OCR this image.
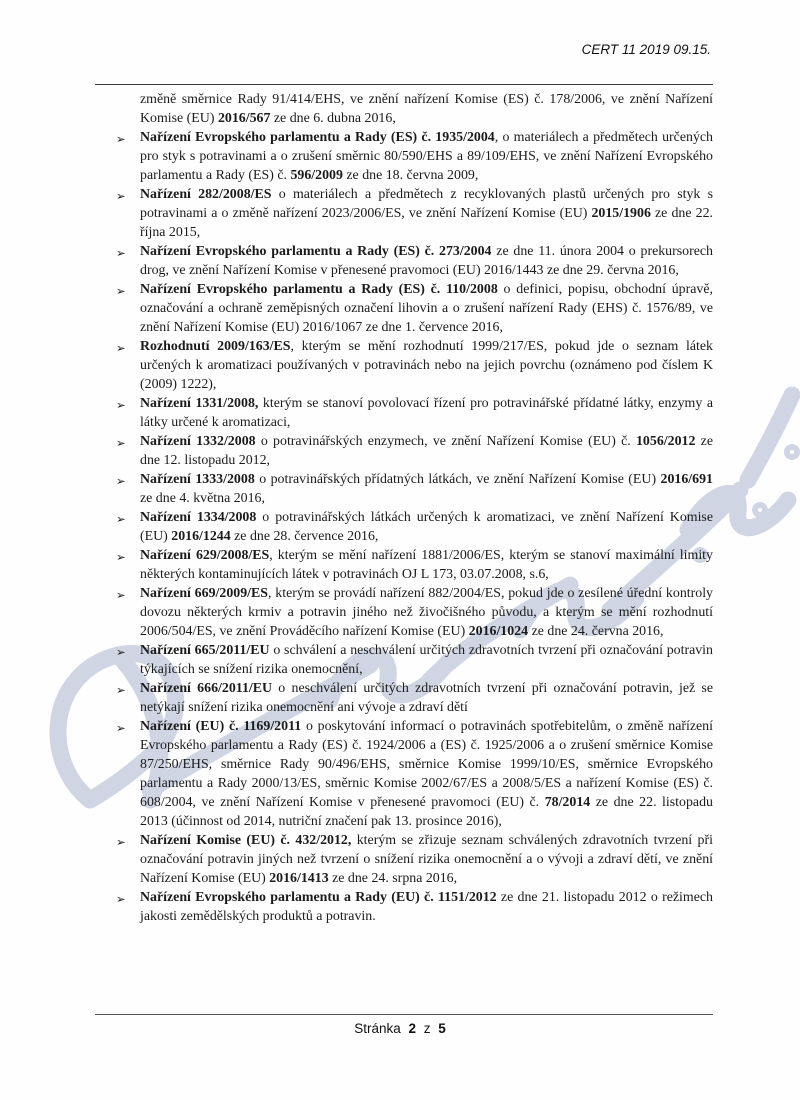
CERT 11 2019 09.15.

změně směrnice Rady 91/414/EHS, ve znění nařízení Komise (ES) č. 178/2006, ve znění Nařízení Komise (EU) 2016/567 ze dne 6. dubna 2016,

➢ Nařízení Evropského parlamentu a Rady (ES) č. 1935/2004, o materiálech a předmětech určených pro styk s potravinami a o zrušení směrnic 80/590/EHS a 89/109/EHS, ve znění Nařízení Evropského parlamentu a Rady (ES) č. 596/2009 ze dne 18. června 2009,

➢ Nařízení 282/2008/ES o materiálech a předmětech z recyklovaných plastů určených pro styk s potravinami a o změně nařízení 2023/2006/ES, ve znění Nařízení Komise (EU) 2015/1906 ze dne 22. října 2015,

➢ Nařízení Evropského parlamentu a Rady (ES) č. 273/2004 ze dne 11. února 2004 o prekursorech drog, ve znění Nařízení Komise v přenesené pravomoci (EU) 2016/1443 ze dne 29. června 2016,

➢ Nařízení Evropského parlamentu a Rady (ES) č. 110/2008 o definici, popisu, obchodní úpravě, označování a ochraně zeměpisných označení lihovin a o zrušení nařízení Rady (EHS) č. 1576/89, ve znění Nařízení Komise (EU) 2016/1067 ze dne 1. července 2016,

➢ Rozhodnutí 2009/163/ES, kterým se mění rozhodnutí 1999/217/ES, pokud jde o seznam látek určených k aromatizaci používaných v potravinách nebo na jejich povrchu (oznámeno pod číslem K (2009) 1222),

➢ Nařízení 1331/2008, kterým se stanoví povolovací řízení pro potravinářské přídatné látky, enzymy a látky určené k aromatizaci,

➢ Nařízení 1332/2008 o potravinářských enzymech, ve znění Nařízení Komise (EU) č. 1056/2012 ze dne 12. listopadu 2012,

➢ Nařízení 1333/2008 o potravinářských přídatných látkách, ve znění Nařízení Komise (EU) 2016/691 ze dne 4. května 2016,

➢ Nařízení 1334/2008 o potravinářských látkách určených k aromatizaci, ve znění Nařízení Komise (EU) 2016/1244 ze dne 28. července 2016,

➢ Nařízení 629/2008/ES, kterým se mění nařízení 1881/2006/ES, kterým se stanoví maximální limity některých kontaminujících látek v potravinách OJ L 173, 03.07.2008, s.6,

➢ Nařízení 669/2009/ES, kterým se provádí nařízení 882/2004/ES, pokud jde o zesílené úřední kontroly dovozu některých krmiv a potravin jiného než živočišného původu, a kterým se mění rozhodnutí 2006/504/ES, ve znění Prováděcího nařízení Komise (EU) 2016/1024 ze dne 24. června 2016,

➢ Nařízení 665/2011/EU o schválení a neschválení určitých zdravotních tvrzení při označování potravin týkajících se snížení rizika onemocnění,

➢ Nařízení 666/2011/EU o neschválení určitých zdravotních tvrzení při označování potravin, jež se netýkají snížení rizika onemocnění ani vývoje a zdraví dětí

➢ Nařízení (EU) č. 1169/2011 o poskytování informací o potravinách spotřebitelům, o změně nařízení Evropského parlamentu a Rady (ES) č. 1924/2006 a (ES) č. 1925/2006 a o zrušení směrnice Komise 87/250/EHS, směrnice Rady 90/496/EHS, směrnice Komise 1999/10/ES, směrnice Evropského parlamentu a Rady 2000/13/ES, směrnic Komise 2002/67/ES a 2008/5/ES a nařízení Komise (ES) č. 608/2004, ve znění Nařízení Komise v přenesené pravomoci (EU) č. 78/2014 ze dne 22. listopadu 2013 (účinnost od 2014, nutriční značení pak 13. prosince 2016),

➢ Nařízení Komise (EU) č. 432/2012, kterým se zřizuje seznam schválených zdravotních tvrzení při označování potravin jiných než tvrzení o snížení rizika onemocnění a o vývoji a zdraví dětí, ve znění Nařízení Komise (EU) 2016/1413 ze dne 24. srpna 2016,

➢ Nařízení Evropského parlamentu a Rady (EU) č. 1151/2012 ze dne 21. listopadu 2012 o režimech jakosti zemědělských produktů a potravin.

Stránka 2 z 5
